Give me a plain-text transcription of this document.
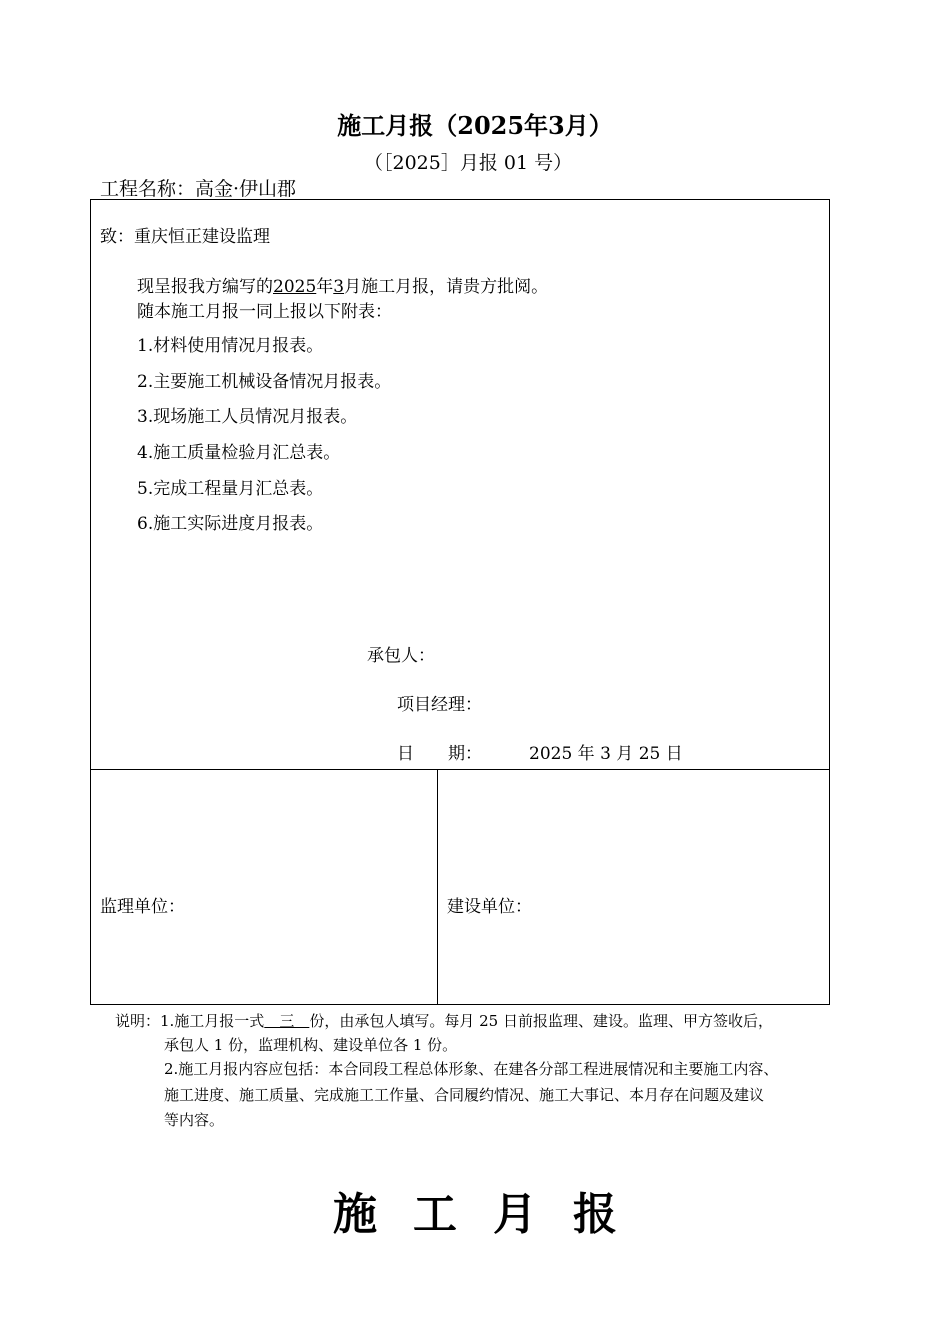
施工月报（2025年3月）
（［2025］月报 01 号）
工程名称：高金·伊山郡
致：重庆恒正建设监理
现呈报我方编写的2025年3月施工月报，请贵方批阅。
随本施工月报一同上报以下附表：
1.材料使用情况月报表。
2.主要施工机械设备情况月报表。
3.现场施工人员情况月报表。
4.施工质量检验月汇总表。
5.完成工程量月汇总表。
6.施工实际进度月报表。
承包人：
项目经理：
日　　期：	2025 年 3 月 25 日
监理单位：	建设单位：
说明：1.施工月报一式　三　份，由承包人填写。每月 25 日前报监理、建设。监理、甲方签收后，
承包人 1 份，监理机构、建设单位各 1 份。
2.施工月报内容应包括：本合同段工程总体形象、在建各分部工程进展情况和主要施工内容、
施工进度、施工质量、完成施工工作量、合同履约情况、施工大事记、本月存在问题及建议
等内容。
施工月报
